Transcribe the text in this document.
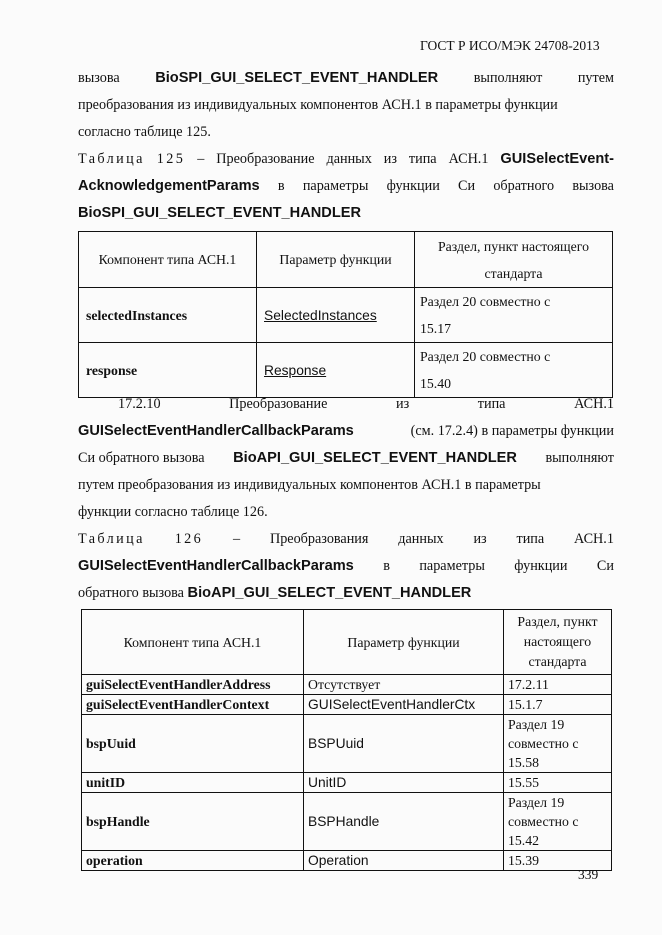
ГОСТ Р ИСО/МЭК 24708-2013
вызова BioSPI_GUI_SELECT_EVENT_HANDLER	выполняют	путем
преобразования из индивидуальных компонентов АСН.1 в параметры функции
согласно таблице 125.
Таблица 125 – Преобразование данных из типа АСН.1 GUISelectEvent-
AcknowledgementParams в параметры функции Си обратного вызова
BioSPI_GUI_SELECT_EVENT_HANDLER
Компонент типа АСН.1	Параметр функции	Раздел, пункт настоящего стандарта
selectedInstances	SelectedInstances	Раздел 20 совместно с
15.17

response	Response	Раздел 20 совместно с
15.40
17.2.10	Преобразование	из	типа	АСН.1
GUISelectEventHandlerCallbackParams	(см. 17.2.4) в параметры функции
Си обратного вызова BioAPI_GUI_SELECT_EVENT_HANDLER выполняют
путем преобразования из индивидуальных компонентов АСН.1 в параметры
функции согласно таблице 126.
Таблица 126 – Преобразования данных из типа АСН.1
GUISelectEventHandlerCallbackParams в параметры функции Си
обратного вызова BioAPI_GUI_SELECT_EVENT_HANDLER
Компонент типа АСН.1	Параметр функции	Раздел, пункт
настоящего
стандарта

guiSelectEventHandlerAddress	Отсутствует	17.2.11
guiSelectEventHandlerContext	GUISelectEventHandlerCtx	15.1.7
bspUuid	BSPUuid	Раздел 19
совместно с
15.58

unitID	UnitID	15.55
bspHandle	BSPHandle	Раздел 19
совместно с
15.42

operation	Operation	15.39
339
